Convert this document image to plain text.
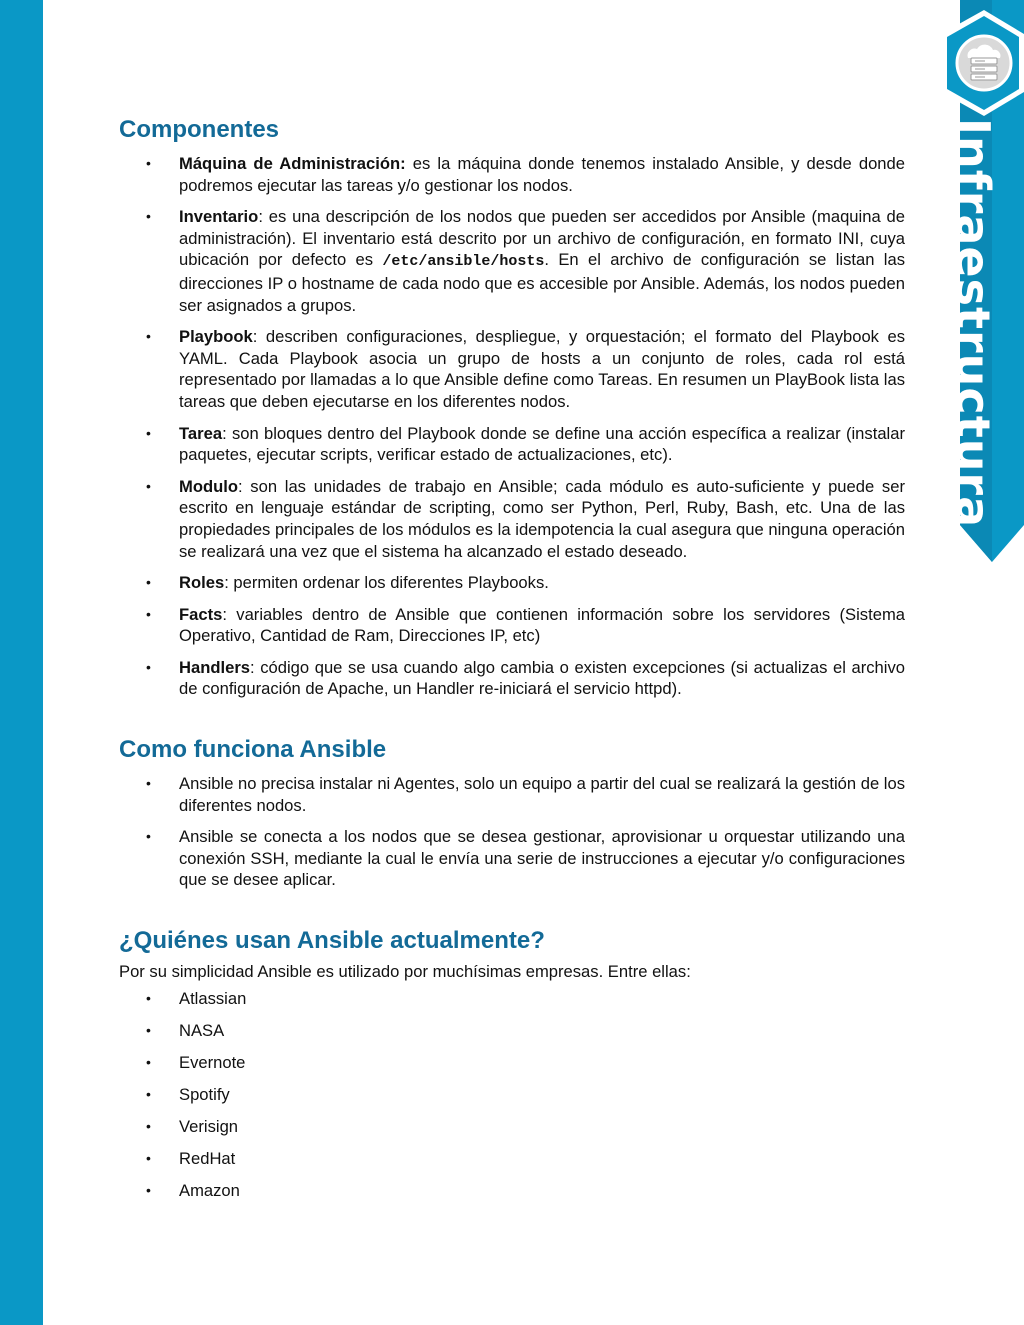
Infraestructura
Componentes
• Máquina de Administración: es la máquina donde tenemos instalado Ansible, y desde donde podremos ejecutar las tareas y/o gestionar los nodos.
• Inventario: es una descripción de los nodos que pueden ser accedidos por Ansible (maquina de administración). El inventario está descrito por un archivo de configuración, en formato INI, cuya ubicación por defecto es /etc/ansible/hosts. En el archivo de configuración se listan las direcciones IP o hostname de cada nodo que es accesible por Ansible. Además, los nodos pueden ser asignados a grupos.
• Playbook: describen configuraciones, despliegue, y orquestación; el formato del Playbook es YAML. Cada Playbook asocia un grupo de hosts a un conjunto de roles, cada rol está representado por llamadas a lo que Ansible define como Tareas. En resumen un PlayBook lista las tareas que deben ejecutarse en los diferentes nodos.
• Tarea: son bloques dentro del Playbook donde se define una acción específica a realizar (instalar paquetes, ejecutar scripts, verificar estado de actualizaciones, etc).
• Modulo: son las unidades de trabajo en Ansible; cada módulo es auto-suficiente y puede ser escrito en lenguaje estándar de scripting, como ser Python, Perl, Ruby, Bash, etc. Una de las propiedades principales de los módulos es la idempotencia la cual asegura que ninguna operación se realizará una vez que el sistema ha alcanzado el estado deseado.
• Roles: permiten ordenar los diferentes Playbooks.
• Facts: variables dentro de Ansible que contienen información sobre los servidores (Sistema Operativo, Cantidad de Ram, Direcciones IP, etc)
• Handlers: código que se usa cuando algo cambia o existen excepciones (si actualizas el archivo de configuración de Apache, un Handler re-iniciará el servicio httpd).
Como funciona Ansible
• Ansible no precisa instalar ni Agentes, solo un equipo a partir del cual se realizará la gestión de los diferentes nodos.
• Ansible se conecta a los nodos que se desea gestionar, aprovisionar u orquestar utilizando una conexión SSH, mediante la cual le envía una serie de instrucciones a ejecutar y/o configuraciones que se desee aplicar.
¿Quiénes usan Ansible actualmente?

Por su simplicidad Ansible es utilizado por muchísimas empresas. Entre ellas:

• Atlassian
• NASA
• Evernote
• Spotify
• Verisign
• RedHat
• Amazon
